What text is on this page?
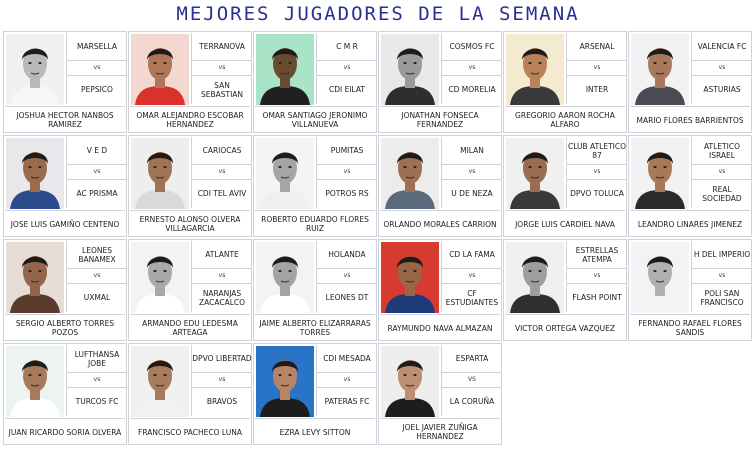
MEJORES JUGADORES DE LA SEMANA
MARSELLA
vs
PEPSICO
JOSHUA HECTOR NANBOS RAMIREZ
TERRANOVA
vs
SAN SEBASTIAN
OMAR ALEJANDRO ESCOBAR HERNANDEZ
C M R
vs
CDI EILAT
OMAR SANTIAGO JERONIMO VILLANUEVA
COSMOS FC
vs
CD MORELIA
JONATHAN FONSECA FERNANDEZ
ARSENAL
vs
INTER
GREGORIO AARON ROCHA ALFARO
VALENCIA FC
vs
ASTURIAS
MARIO FLORES BARRIENTOS
V E D
vs
AC PRISMA
JOSE LUIS GAMIÑO CENTENO
CARIOCAS
vs
CDI TEL AVIV
ERNESTO ALONSO OLVERA VILLAGARCIA
PUMITAS
vs
POTROS RS
ROBERTO EDUARDO FLORES RUIZ
MILAN
vs
U DE NEZA
ORLANDO MORALES CARRION
CLUB ATLETICO 87
vs
DPVO TOLUCA
JORGE LUIS CARDIEL NAVA
ATLETICO ISRAEL
vs
REAL SOCIEDAD
LEANDRO LINARES JIMENEZ
LEONES BANAMEX
vs
UXMAL
SERGIO ALBERTO TORRES POZOS
ATLANTE
vs
NARANJAS ZACACALCO
ARMANDO EDU LEDESMA ARTEAGA
HOLANDA
vs
LEONES DT
JAIME ALBERTO ELIZARRARAS TORRES
CD LA FAMA
vs
CF ESTUDIANTES
RAYMUNDO NAVA ALMAZAN
ESTRELLAS ATEMPA
vs
FLASH POINT
VICTOR ORTEGA VAZQUEZ
H DEL IMPERIO
vs
POLI SAN FRANCISCO
FERNANDO RAFAEL FLORES SANDIS
LUFTHANSA JOBE
vs
TURCOS FC
JUAN RICARDO SORIA OLVERA
DPVO LIBERTAD
vs
BRAVOS
FRANCISCO PACHECO LUNA
CDI MESADA
vs
PATERAS FC
EZRA LEVY SITTON
ESPARTA
VS
LA CORUÑA
JOEL JAVIER ZUÑIGA HERNANDEZ
